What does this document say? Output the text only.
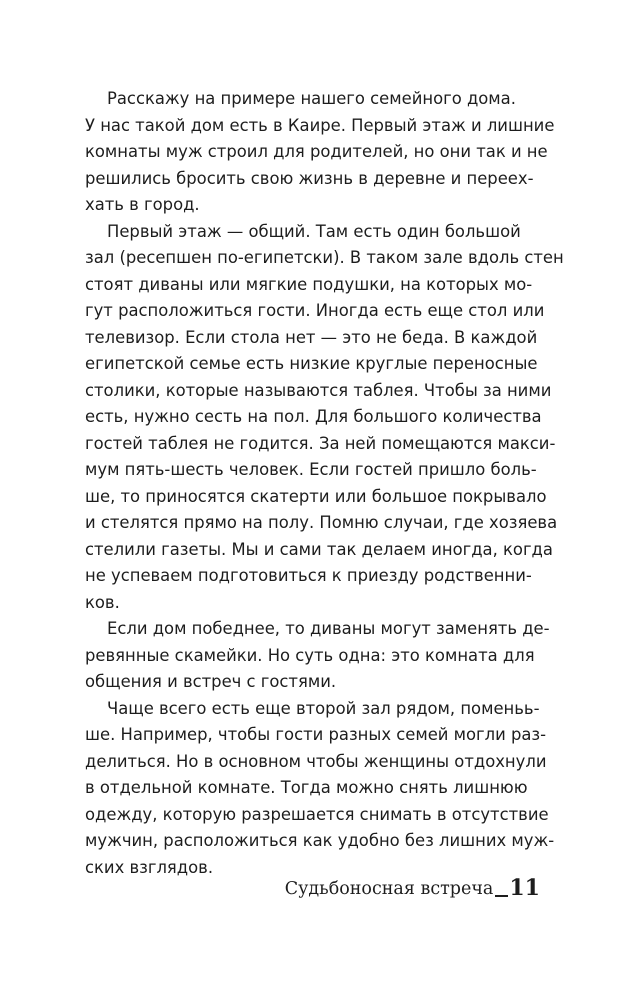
Расскажу на примере нашего семейного дома.
У нас такой дом есть в Каире. Первый этаж и лишние
комнаты муж строил для родителей, но они так и не
решились бросить свою жизнь в деревне и переех-
хать в город.
Первый этаж — общий. Там есть один большой
зал (ресепшен по-египетски). В таком зале вдоль стен
стоят диваны или мягкие подушки, на которых мо-
гут расположиться гости. Иногда есть еще стол или
телевизор. Если стола нет — это не беда. В каждой
египетской семье есть низкие круглые переносные
столики, которые называются таблея. Чтобы за ними
есть, нужно сесть на пол. Для большого количества
гостей таблея не годится. За ней помещаются макси-
мум пять-шесть человек. Если гостей пришло боль-
ше, то приносятся скатерти или большое покрывало
и стелятся прямо на полу. Помню случаи, где хозяева
стелили газеты. Мы и сами так делаем иногда, когда
не успеваем подготовиться к приезду родственни-
ков.
Если дом победнее, то диваны могут заменять де-
ревянные скамейки. Но суть одна: это комната для
общения и встреч с гостями.
Чаще всего есть еще второй зал рядом, поменьь-
ше. Например, чтобы гости разных семей могли раз-
делиться. Но в основном чтобы женщины отдохнули
в отдельной комнате. Тогда можно снять лишнюю
одежду, которую разрешается снимать в отсутствие
мужчин, расположиться как удобно без лишних муж-
ских взглядов.
Судьбоносная встреча 11
